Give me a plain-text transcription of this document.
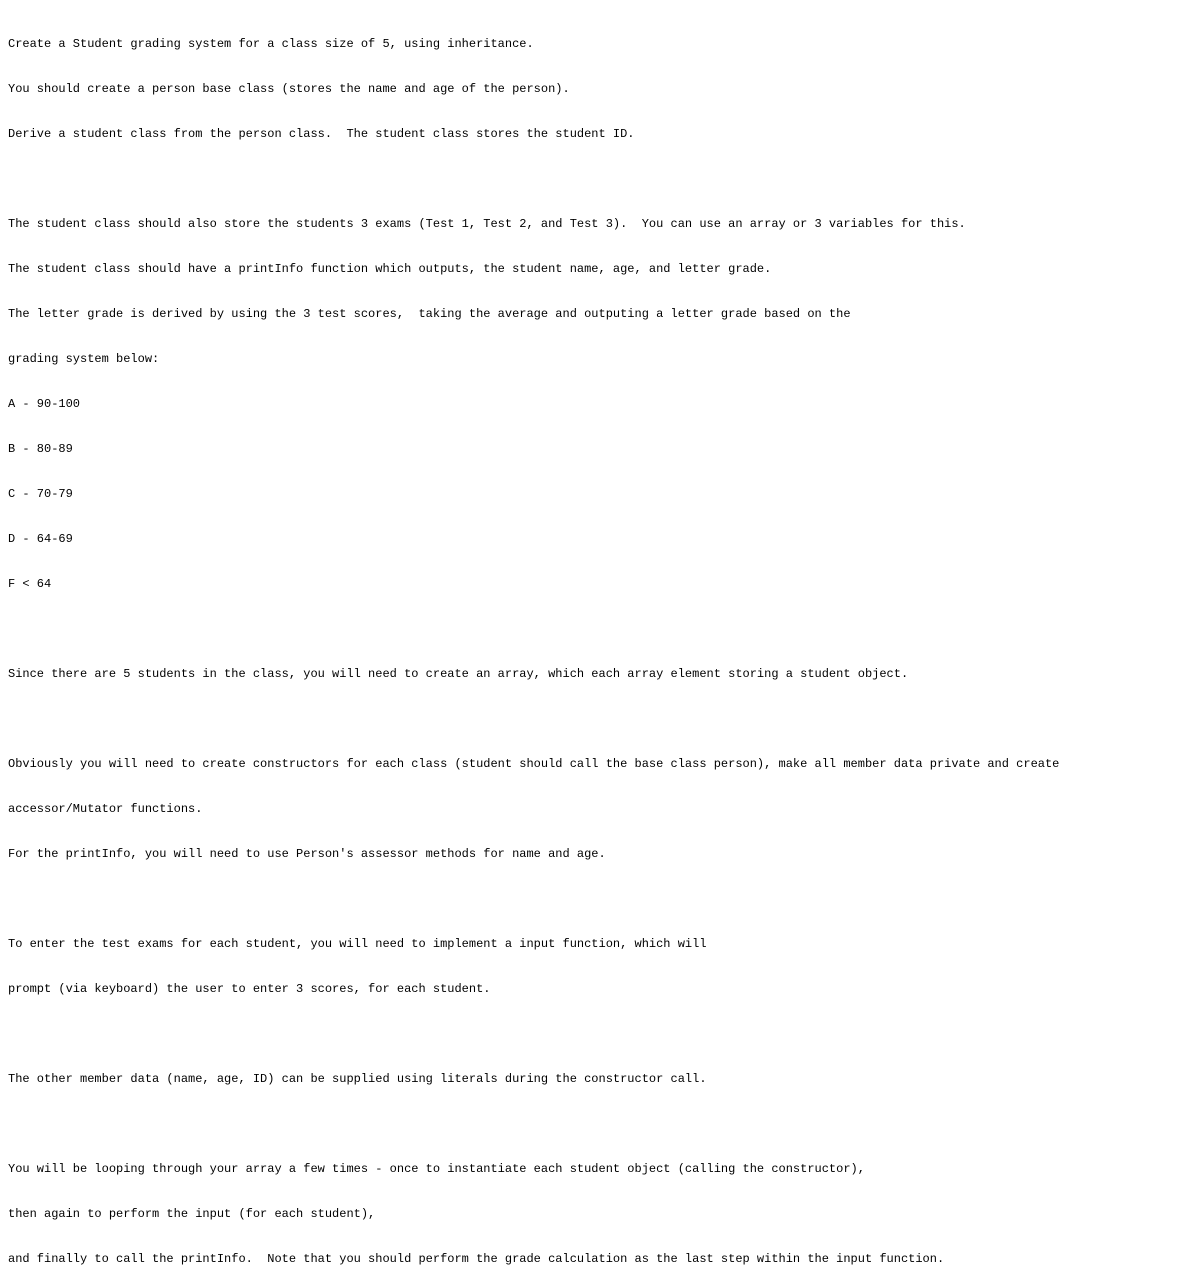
Create a Student grading system for a class size of 5, using inheritance.

You should create a person base class (stores the name and age of the person).

Derive a student class from the person class.  The student class stores the student ID.

The student class should also store the students 3 exams (Test 1, Test 2, and Test 3).  You can use an array or 3 variables for this.

The student class should have a printInfo function which outputs, the student name, age, and letter grade.

The letter grade is derived by using the 3 test scores,  taking the average and outputing a letter grade based on the

grading system below:

A - 90-100

B - 80-89

C - 70-79

D - 64-69

F < 64

Since there are 5 students in the class, you will need to create an array, which each array element storing a student object.

Obviously you will need to create constructors for each class (student should call the base class person), make all member data private and create

accessor/Mutator functions.

For the printInfo, you will need to use Person's assessor methods for name and age.

To enter the test exams for each student, you will need to implement a input function, which will

prompt (via keyboard) the user to enter 3 scores, for each student.

The other member data (name, age, ID) can be supplied using literals during the constructor call.

You will be looping through your array a few times - once to instantiate each student object (calling the constructor),

then again to perform the input (for each student),

and finally to call the printInfo.  Note that you should perform the grade calculation as the last step within the input function.
